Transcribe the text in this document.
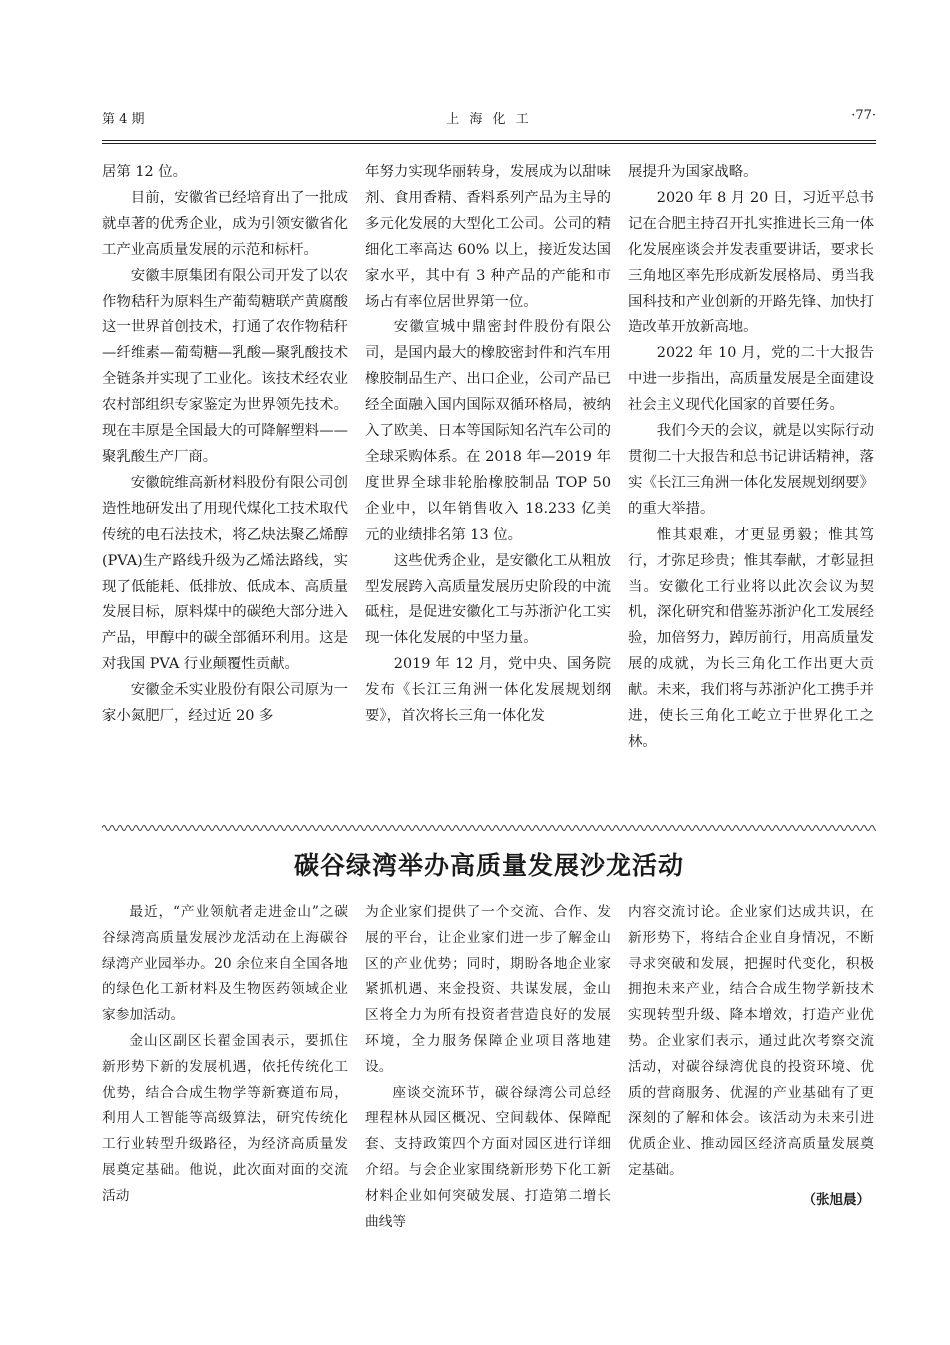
第 4 期	上 海 化 工	·77·

居第 12 位。

目前，安徽省已经培育出了一批成就卓著的优秀企业，成为引领安徽省化工产业高质量发展的示范和标杆。

安徽丰原集团有限公司开发了以农作物秸秆为原料生产葡萄糖联产黄腐酸这一世界首创技术，打通了农作物秸秆—纤维素—葡萄糖—乳酸—聚乳酸技术全链条并实现了工业化。该技术经农业农村部组织专家鉴定为世界领先技术。现在丰原是全国最大的可降解塑料——聚乳酸生产厂商。

安徽皖维高新材料股份有限公司创造性地研发出了用现代煤化工技术取代传统的电石法技术，将乙炔法聚乙烯醇(PVA)生产路线升级为乙烯法路线，实现了低能耗、低排放、低成本、高质量发展目标，原料煤中的碳绝大部分进入产品，甲醇中的碳全部循环利用。这是对我国 PVA 行业颠覆性贡献。

安徽金禾实业股份有限公司原为一家小氮肥厂，经过近 20 多

年努力实现华丽转身，发展成为以甜味剂、食用香精、香料系列产品为主导的多元化发展的大型化工公司。公司的精细化工率高达 60% 以上，接近发达国家水平，其中有 3 种产品的产能和市场占有率位居世界第一位。

安徽宣城中鼎密封件股份有限公司，是国内最大的橡胶密封件和汽车用橡胶制品生产、出口企业，公司产品已经全面融入国内国际双循环格局，被纳入了欧美、日本等国际知名汽车公司的全球采购体系。在 2018 年—2019 年度世界全球非轮胎橡胶制品 TOP 50 企业中，以年销售收入 18.233 亿美元的业绩排名第 13 位。

这些优秀企业，是安徽化工从粗放型发展跨入高质量发展历史阶段的中流砥柱，是促进安徽化工与苏浙沪化工实现一体化发展的中坚力量。

2019 年 12 月，党中央、国务院发布《长江三角洲一体化发展规划纲要》，首次将长三角一体化发

展提升为国家战略。

2020 年 8 月 20 日，习近平总书记在合肥主持召开扎实推进长三角一体化发展座谈会并发表重要讲话，要求长三角地区率先形成新发展格局、勇当我国科技和产业创新的开路先锋、加快打造改革开放新高地。

2022 年 10 月，党的二十大报告中进一步指出，高质量发展是全面建设社会主义现代化国家的首要任务。

我们今天的会议，就是以实际行动贯彻二十大报告和总书记讲话精神，落实《长江三角洲一体化发展规划纲要》的重大举措。

惟其艰难，才更显勇毅；惟其笃行，才弥足珍贵；惟其奉献，才彰显担当。安徽化工行业将以此次会议为契机，深化研究和借鉴苏浙沪化工发展经验，加倍努力，踔厉前行，用高质量发展的成就，为长三角化工作出更大贡献。未来，我们将与苏浙沪化工携手并进，使长三角化工屹立于世界化工之林。

碳谷绿湾举办高质量发展沙龙活动

最近，“产业领航者走进金山”之碳谷绿湾高质量发展沙龙活动在上海碳谷绿湾产业园举办。20 余位来自全国各地的绿色化工新材料及生物医药领域企业家参加活动。

金山区副区长翟金国表示，要抓住新形势下新的发展机遇，依托传统化工优势，结合合成生物学等新赛道布局，利用人工智能等高级算法，研究传统化工行业转型升级路径，为经济高质量发展奠定基础。他说，此次面对面的交流活动

为企业家们提供了一个交流、合作、发展的平台，让企业家们进一步了解金山区的产业优势；同时，期盼各地企业家紧抓机遇、来金投资、共谋发展，金山区将全力为所有投资者营造良好的发展环境，全力服务保障企业项目落地建设。

座谈交流环节，碳谷绿湾公司总经理程林从园区概况、空间载体、保障配套、支持政策四个方面对园区进行详细介绍。与会企业家围绕新形势下化工新材料企业如何突破发展、打造第二增长曲线等

内容交流讨论。企业家们达成共识，在新形势下，将结合企业自身情况，不断寻求突破和发展，把握时代变化，积极拥抱未来产业，结合合成生物学新技术实现转型升级、降本增效，打造产业优势。企业家们表示，通过此次考察交流活动，对碳谷绿湾优良的投资环境、优质的营商服务、优渥的产业基础有了更深刻的了解和体会。该活动为未来引进优质企业、推动园区经济高质量发展奠定基础。

（张旭晨）
